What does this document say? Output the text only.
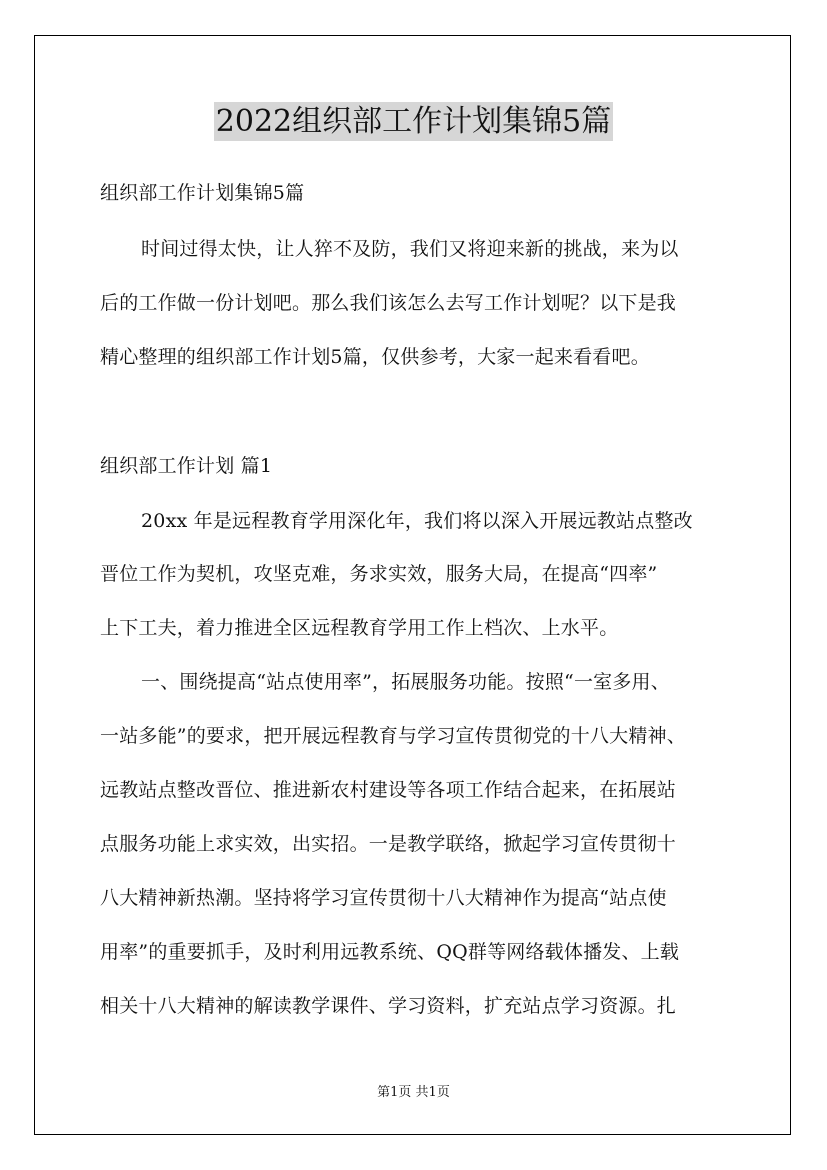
2022组织部工作计划集锦5篇
组织部工作计划集锦5篇
时间过得太快，让人猝不及防，我们又将迎来新的挑战，来为以
后的工作做一份计划吧。那么我们该怎么去写工作计划呢？以下是我
精心整理的组织部工作计划5篇，仅供参考，大家一起来看看吧。
组织部工作计划 篇1
20xx 年是远程教育学用深化年，我们将以深入开展远教站点整改
晋位工作为契机，攻坚克难，务求实效，服务大局，在提高“四率”
上下工夫，着力推进全区远程教育学用工作上档次、上水平。
一、围绕提高“站点使用率”，拓展服务功能。按照“一室多用、
一站多能”的要求，把开展远程教育与学习宣传贯彻党的十八大精神、
远教站点整改晋位、推进新农村建设等各项工作结合起来，在拓展站
点服务功能上求实效，出实招。一是教学联络，掀起学习宣传贯彻十
八大精神新热潮。坚持将学习宣传贯彻十八大精神作为提高“站点使
用率”的重要抓手，及时利用远教系统、QQ群等网络载体播发、上载
相关十八大精神的解读教学课件、学习资料，扩充站点学习资源。扎
第1页 共1页
